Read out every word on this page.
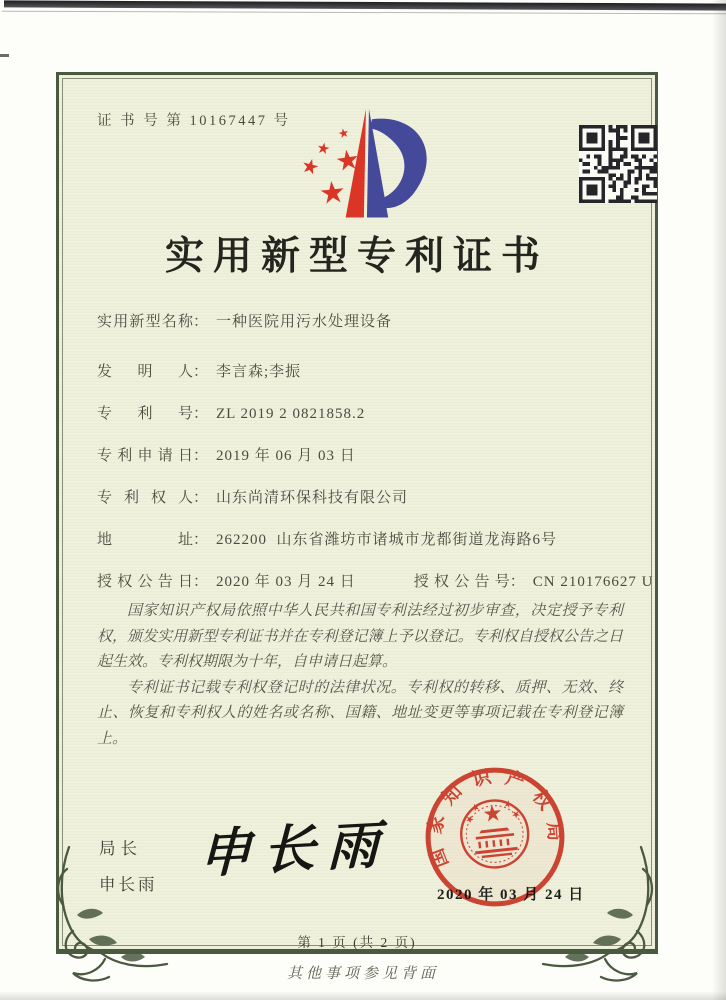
证 书 号 第 10167447 号
实用新型专利证书
实用新型名称： 一种医院用污水处理设备
发明人： 李言森;李振
专利号： ZL 2019 2 0821858.2
专利申请日： 2019 年 06 月 03 日
专利权人： 山东尚清环保科技有限公司
地址： 262200  山东省潍坊市诸城市龙都街道龙海路6号
授权公告日： 2020 年 03 月 24 日	授权公告号： CN 210176627 U

国家知识产权局依照中华人民共和国专利法经过初步审查，决定授予专利权，颁发实用新型专利证书并在专利登记簿上予以登记。专利权自授权公告之日起生效。专利权期限为十年，自申请日起算。

专利证书记载专利权登记时的法律状况。专利权的转移、质押、无效、终止、恢复和专利权人的姓名或名称、国籍、地址变更等事项记载在专利登记簿上。

局长
申长雨
申长雨	国家知识产权局
2020 年 03 月 24 日
第 1 页 (共 2 页)
其他事项参见背面
